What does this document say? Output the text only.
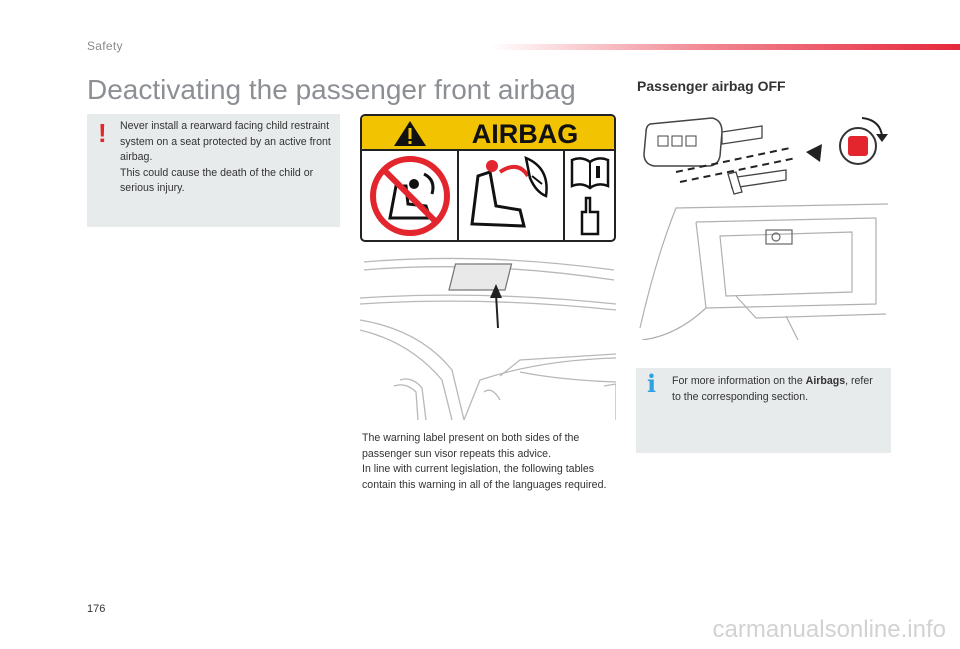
Safety
Deactivating the passenger front airbag
! Never install a rearward facing child restraint system on a seat protected by an active front airbag.

This could cause the death of the child or serious injury.

AIRBAG

The warning label present on both sides of the passenger sun visor repeats this advice.

In line with current legislation, the following tables contain this warning in all of the languages required.

Passenger airbag OFF
i For more information on the Airbags, refer to the corresponding section.
176
carmanualsonline.info
